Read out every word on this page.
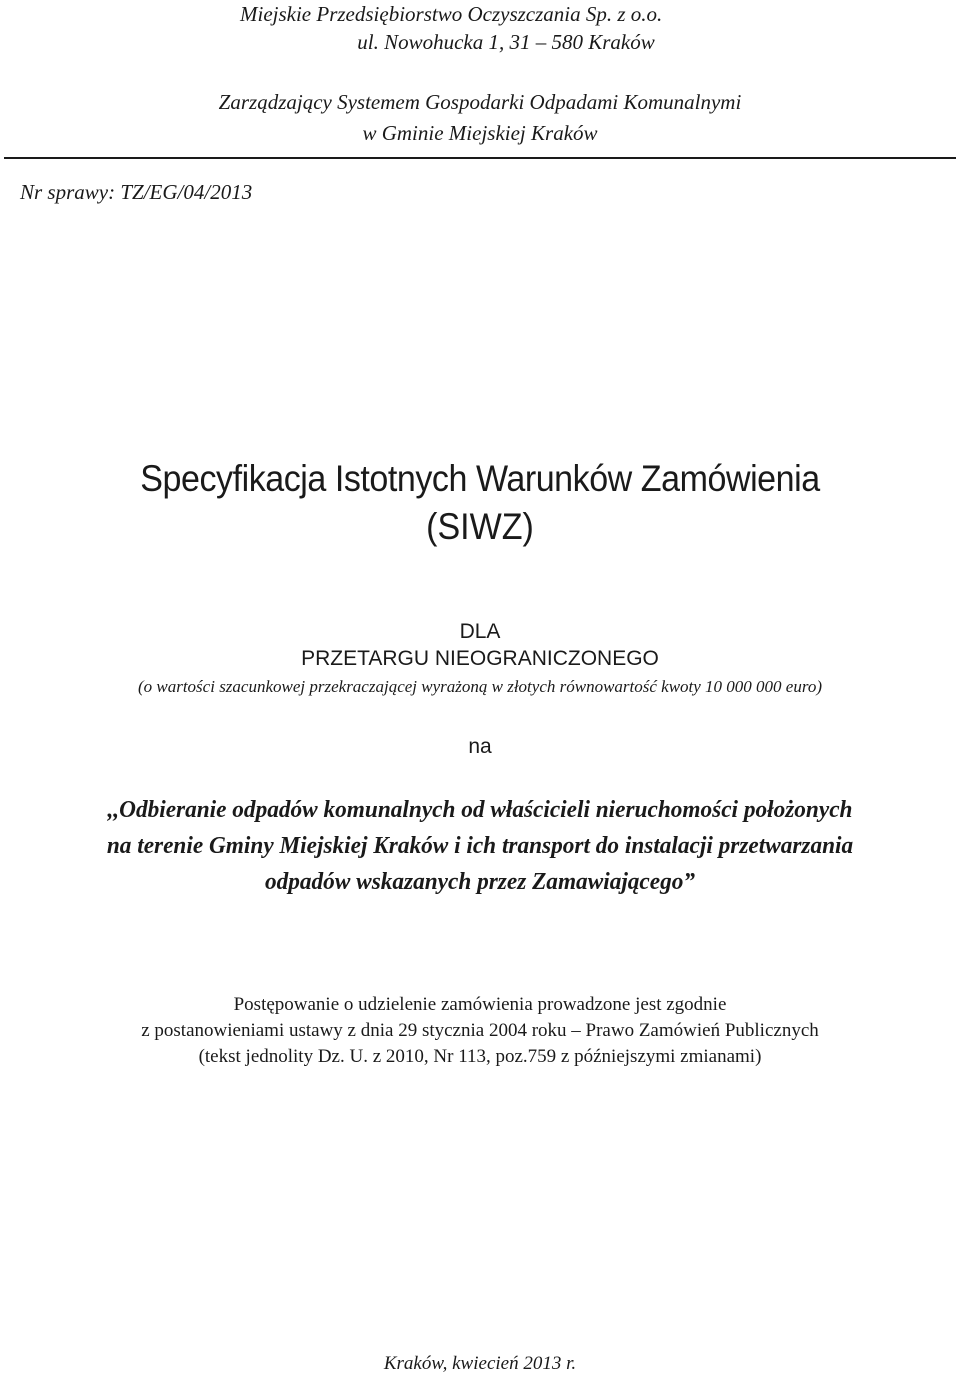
Miejskie Przedsiębiorstwo Oczyszczania Sp. z o.o.
ul. Nowohucka 1, 31 – 580 Kraków
Zarządzający Systemem Gospodarki Odpadami Komunalnymi
w Gminie Miejskiej Kraków
Nr sprawy: TZ/EG/04/2013
Specyfikacja Istotnych Warunków Zamówienia
(SIWZ)
DLA
PRZETARGU NIEOGRANICZONEGO
(o wartości szacunkowej przekraczającej wyrażoną w złotych równowartość kwoty 10 000 000 euro)
na
,,Odbieranie odpadów komunalnych od właścicieli nieruchomości położonych
na terenie Gminy Miejskiej Kraków i ich transport do instalacji przetwarzania
odpadów wskazanych przez Zamawiającego”
Postępowanie o udzielenie zamówienia prowadzone jest zgodnie
z postanowieniami ustawy z dnia 29 stycznia 2004 roku – Prawo Zamówień Publicznych
(tekst jednolity Dz. U. z 2010, Nr 113, poz.759 z późniejszymi zmianami)
Kraków, kwiecień 2013 r.
